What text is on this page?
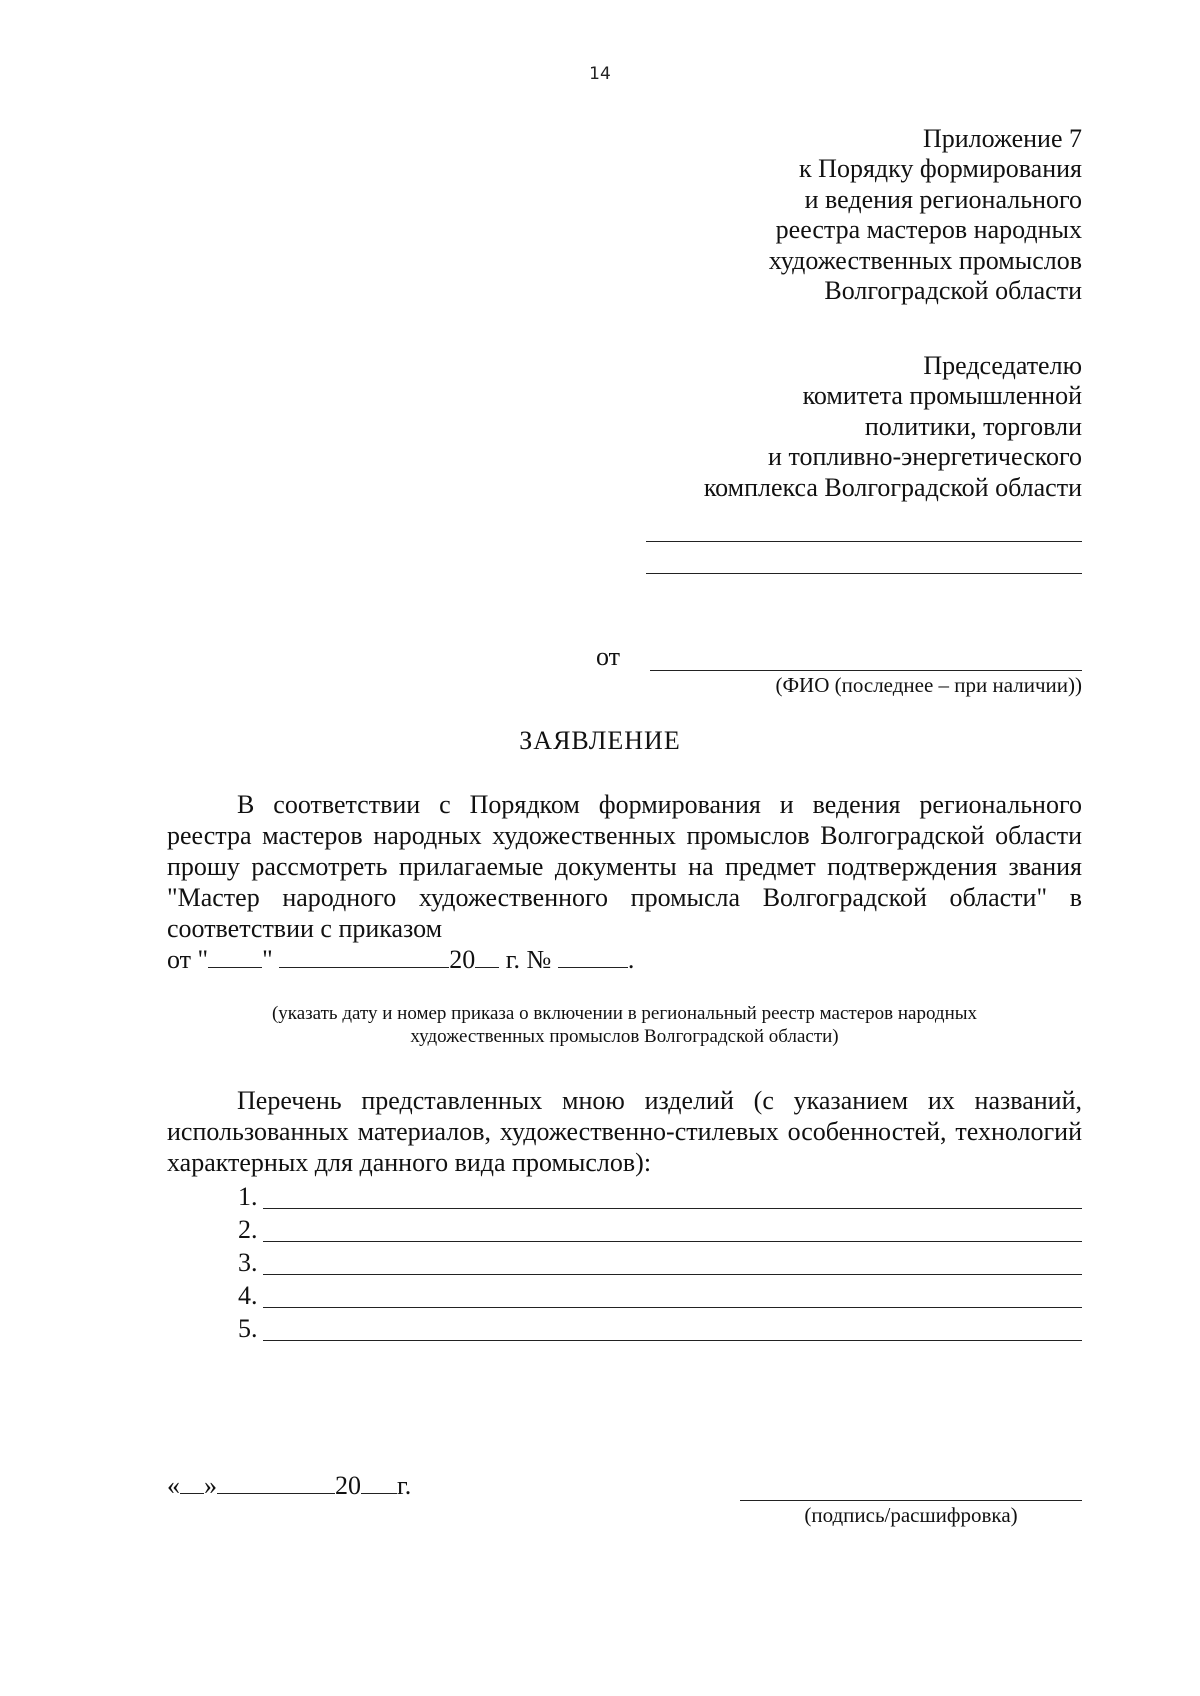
14
Приложение 7
к Порядку формирования
и ведения регионального
реестра мастеров народных
художественных промыслов
Волгоградской области
Председателю
комитета промышленной
политики, торговли
и топливно-энергетического
комплекса Волгоградской области
от
(ФИО (последнее – при наличии))
ЗАЯВЛЕНИЕ

В соответствии с Порядком формирования и ведения регионального реестра мастеров народных художественных промыслов Волгоградской области прошу рассмотреть прилагаемые документы на предмет подтверждения звания "Мастер народного художественного промысла Волгоградской области" в соответствии с приказом

от " "	20 г. №	.
(указать дату и номер приказа о включении в региональный реестр мастеров народных
художественных промыслов Волгоградской области)

Перечень представленных мною изделий (с указанием их названий, использованных материалов, художественно-стилевых особенностей, технологий характерных для данного вида промыслов):

1.
2.
3.
4.
5.
« »	20 г.
(подпись/расшифровка)
